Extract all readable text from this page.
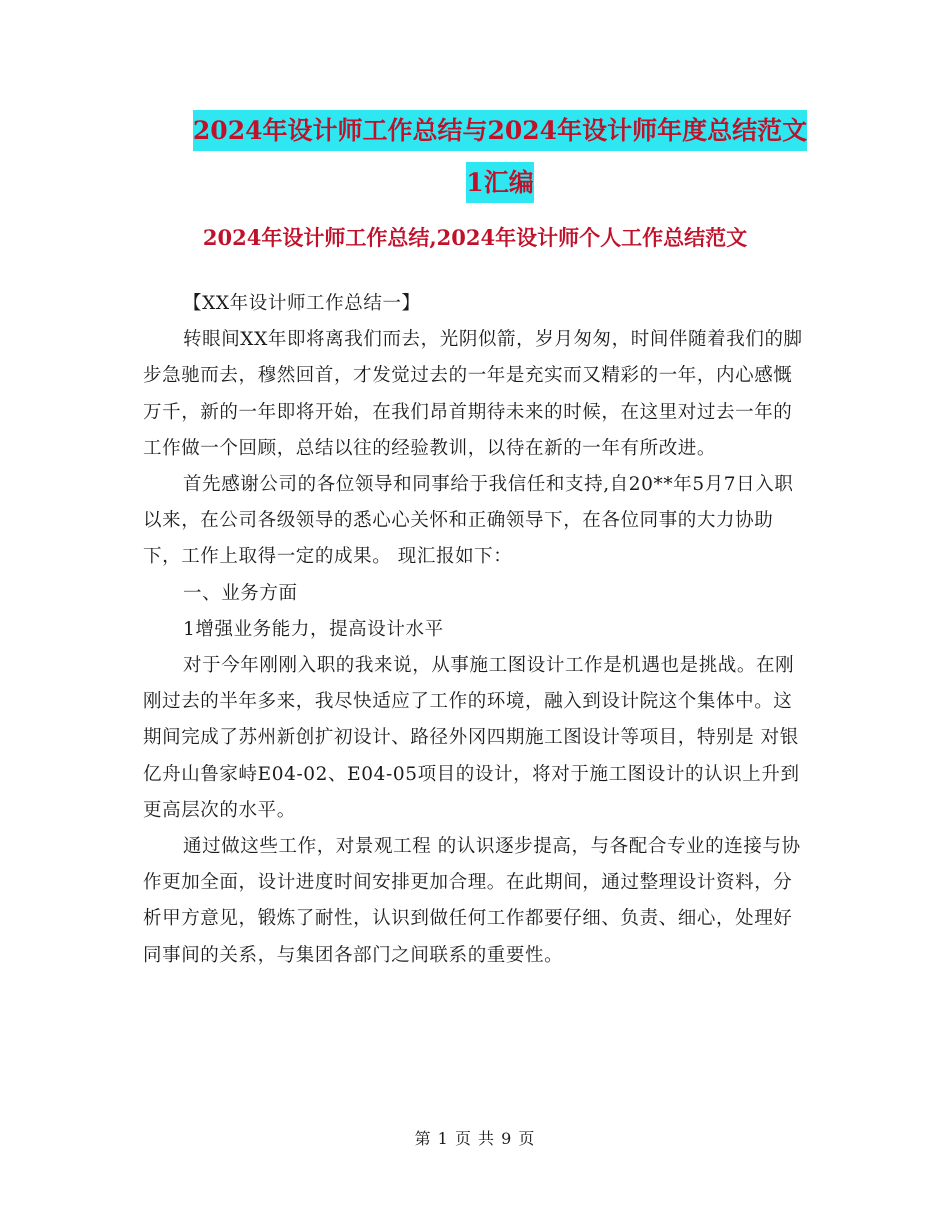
2024年设计师工作总结与2024年设计师年度总结范文
1汇编
2024年设计师工作总结,2024年设计师个人工作总结范文

【XX年设计师工作总结一】

转眼间XX年即将离我们而去，光阴似箭，岁月匆匆，时间伴随着我们的脚步急驰而去，穆然回首，才发觉过去的一年是充实而又精彩的一年，内心感慨万千，新的一年即将开始，在我们昂首期待未来的时候，在这里对过去一年的工作做一个回顾，总结以往的经验教训，以待在新的一年有所改进。

首先感谢公司的各位领导和同事给于我信任和支持,自20**年5月7日入职以来，在公司各级领导的悉心心关怀和正确领导下，在各位同事的大力协助下，工作上取得一定的成果。 现汇报如下：

一、业务方面

1增强业务能力，提高设计水平

对于今年刚刚入职的我来说，从事施工图设计工作是机遇也是挑战。在刚刚过去的半年多来，我尽快适应了工作的环境，融入到设计院这个集体中。这期间完成了苏州新创扩初设计、路径外冈四期施工图设计等项目，特别是 对银亿舟山鲁家峙E04-02、E04-05项目的设计，将对于施工图设计的认识上升到更高层次的水平。

通过做这些工作，对景观工程 的认识逐步提高，与各配合专业的连接与协作更加全面，设计进度时间安排更加合理。在此期间，通过整理设计资料，分析甲方意见，锻炼了耐性，认识到做任何工作都要仔细、负责、细心，处理好同事间的关系，与集团各部门之间联系的重要性。

第 1 页 共 9 页
